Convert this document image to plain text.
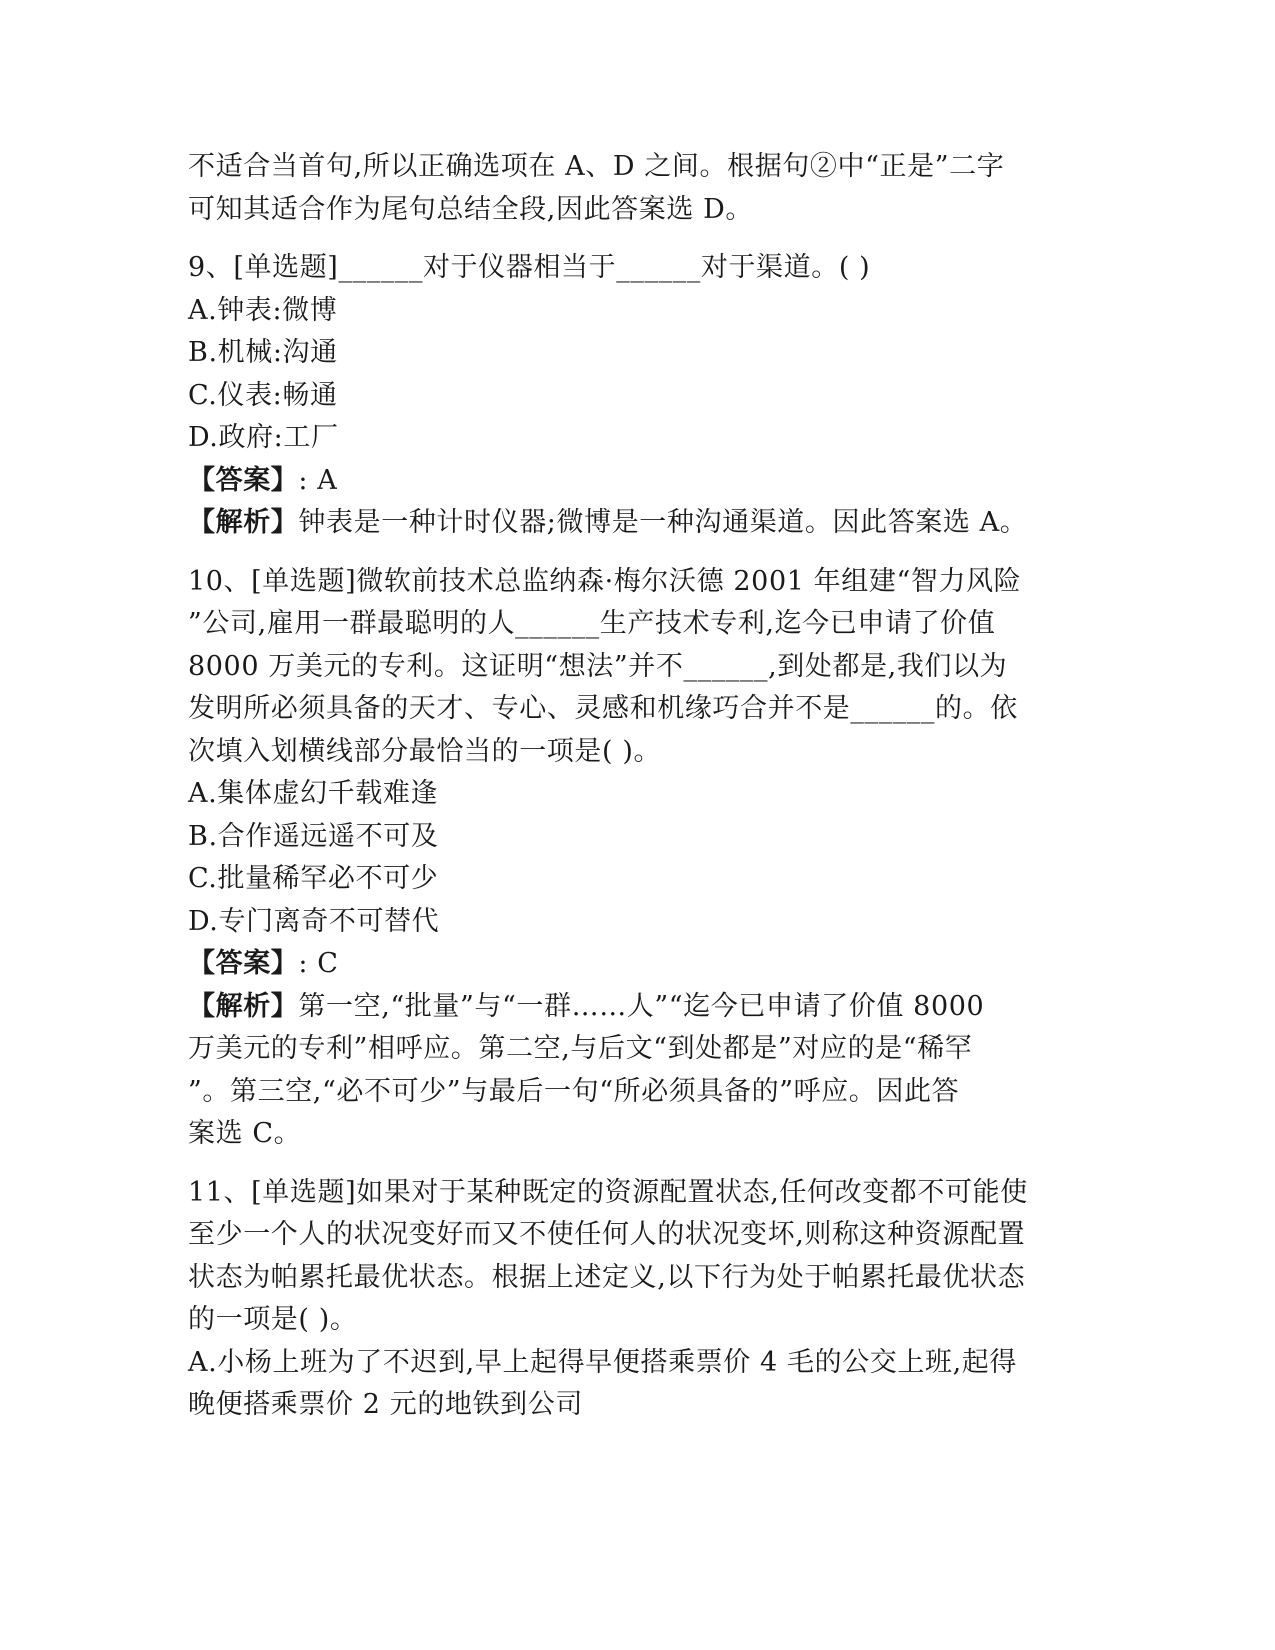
不适合当首句,所以正确选项在 A、D 之间。根据句②中“正是”二字
可知其适合作为尾句总结全段,因此答案选 D。
9、[单选题]______对于仪器相当于______对于渠道。( )
A.钟表:微博
B.机械:沟通
C.仪表:畅通
D.政府:工厂
【答案】: A
【解析】钟表是一种计时仪器;微博是一种沟通渠道。因此答案选 A。
10、[单选题]微软前技术总监纳森·梅尔沃德 2001 年组建“智力风险
”公司,雇用一群最聪明的人______生产技术专利,迄今已申请了价值
8000 万美元的专利。这证明“想法”并不______,到处都是,我们以为
发明所必须具备的天才、专心、灵感和机缘巧合并不是______的。依
次填入划横线部分最恰当的一项是( )。
A.集体虚幻千载难逢
B.合作遥远遥不可及
C.批量稀罕必不可少
D.专门离奇不可替代
【答案】: C
【解析】第一空,“批量”与“一群……人”“迄今已申请了价值 8000
万美元的专利”相呼应。第二空,与后文“到处都是”对应的是“稀罕
”。第三空,“必不可少”与最后一句“所必须具备的”呼应。因此答
案选 C。
11、[单选题]如果对于某种既定的资源配置状态,任何改变都不可能使
至少一个人的状况变好而又不使任何人的状况变坏,则称这种资源配置
状态为帕累托最优状态。根据上述定义,以下行为处于帕累托最优状态
的一项是( )。
A.小杨上班为了不迟到,早上起得早便搭乘票价 4 毛的公交上班,起得
晚便搭乘票价 2 元的地铁到公司
